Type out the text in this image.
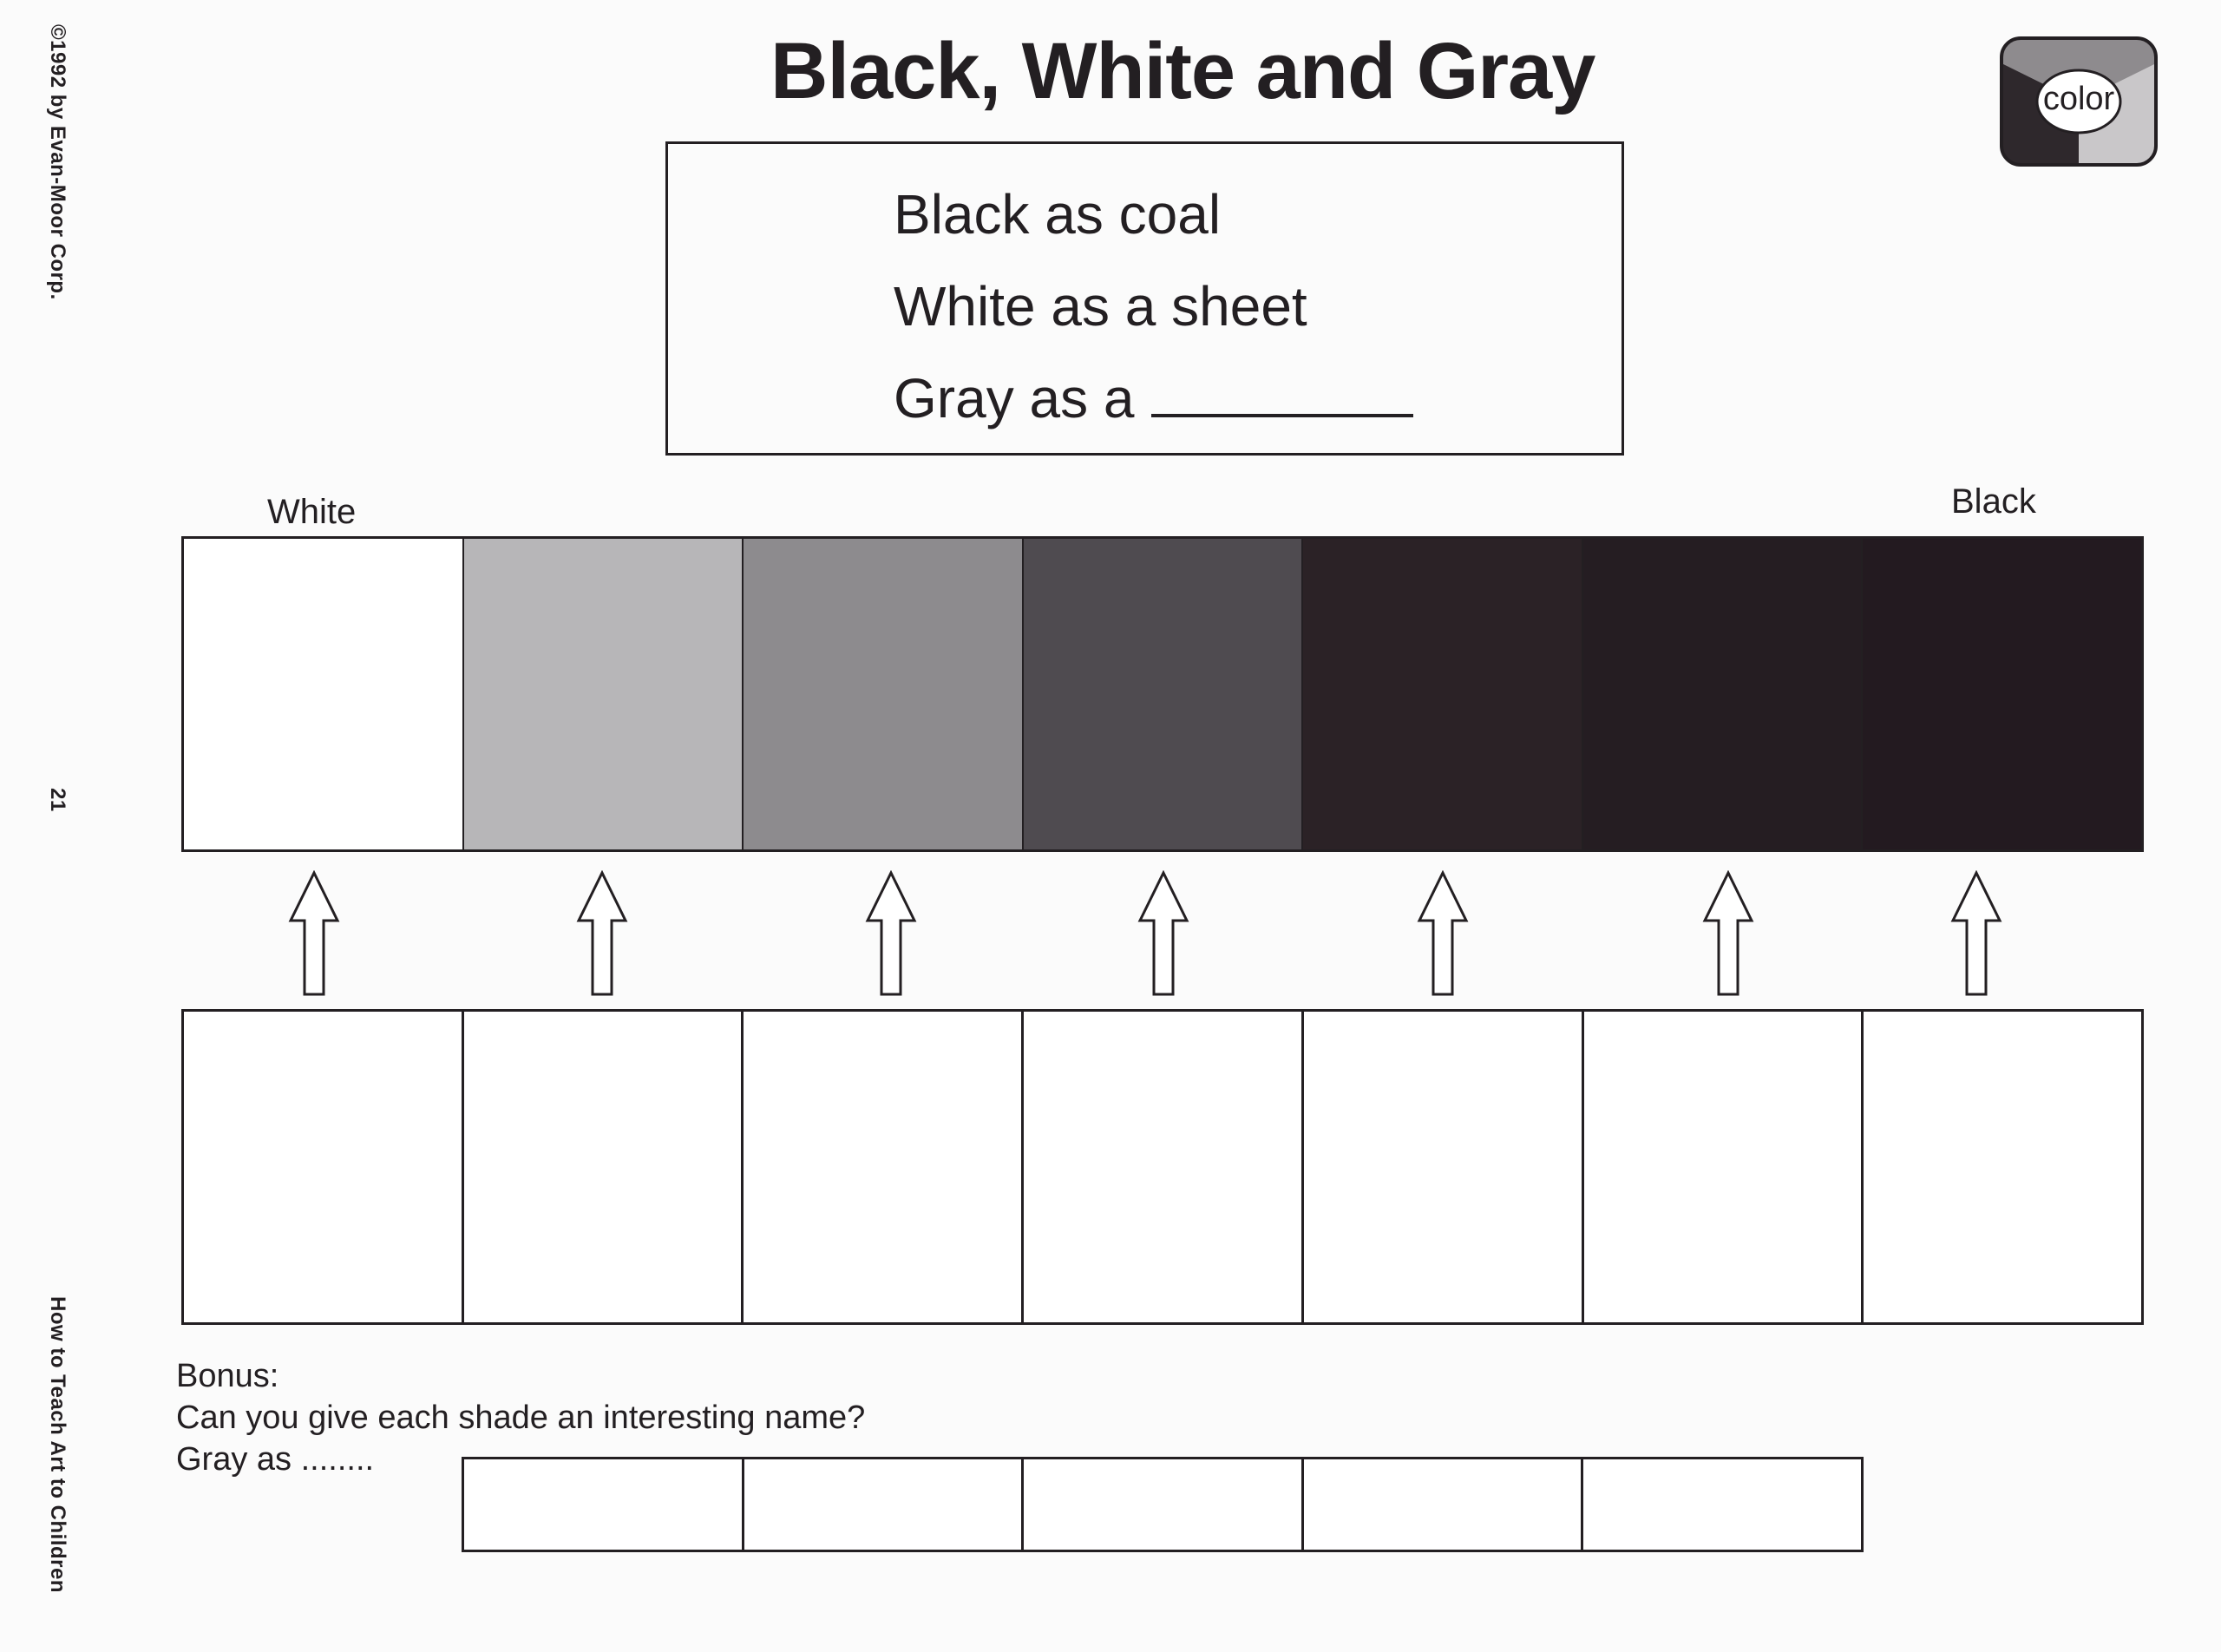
©1992 by Evan-Moor Corp.
21
How to Teach Art to Children
Black, White and Gray	color
Black as coal
White as a sheet
Gray as a
White	Black
Bonus:
Can you give each shade an interesting name?
Gray as ........
